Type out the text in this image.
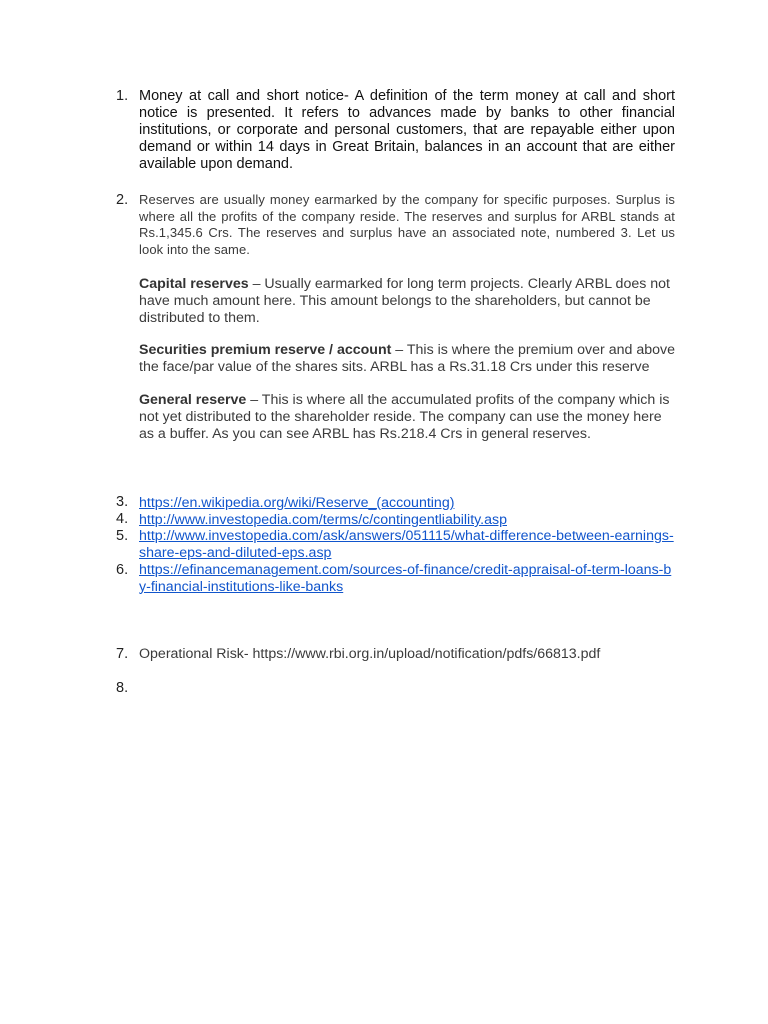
1. Money at call and short notice- A definition of the term money at call and short notice is presented. It refers to advances made by banks to other financial institutions, or corporate and personal customers, that are repayable either upon demand or within 14 days in Great Britain, balances in an account that are either available upon demand.

2. Reserves are usually money earmarked by the company for specific purposes. Surplus is where all the profits of the company reside. The reserves and surplus for ARBL stands at Rs.1,345.6 Crs. The reserves and surplus have an associated note, numbered 3. Let us look into the same.

Capital reserves – Usually earmarked for long term projects. Clearly ARBL does not have much amount here. This amount belongs to the shareholders, but cannot be distributed to them.

Securities premium reserve / account – This is where the premium over and above the face/par value of the shares sits. ARBL has a Rs.31.18 Crs under this reserve

General reserve – This is where all the accumulated profits of the company which is not yet distributed to the shareholder reside. The company can use the money here as a buffer. As you can see ARBL has Rs.218.4 Crs in general reserves.

3. https://en.wikipedia.org/wiki/Reserve_(accounting)
4. http://www.investopedia.com/terms/c/contingentliability.asp
5. http://www.investopedia.com/ask/answers/051115/what-difference-between-earnings-share-eps-and-diluted-eps.asp
6. https://efinancemanagement.com/sources-of-finance/credit-appraisal-of-term-loans-by-financial-institutions-like-banks
7. Operational Risk- https://www.rbi.org.in/upload/notification/pdfs/66813.pdf

8.
